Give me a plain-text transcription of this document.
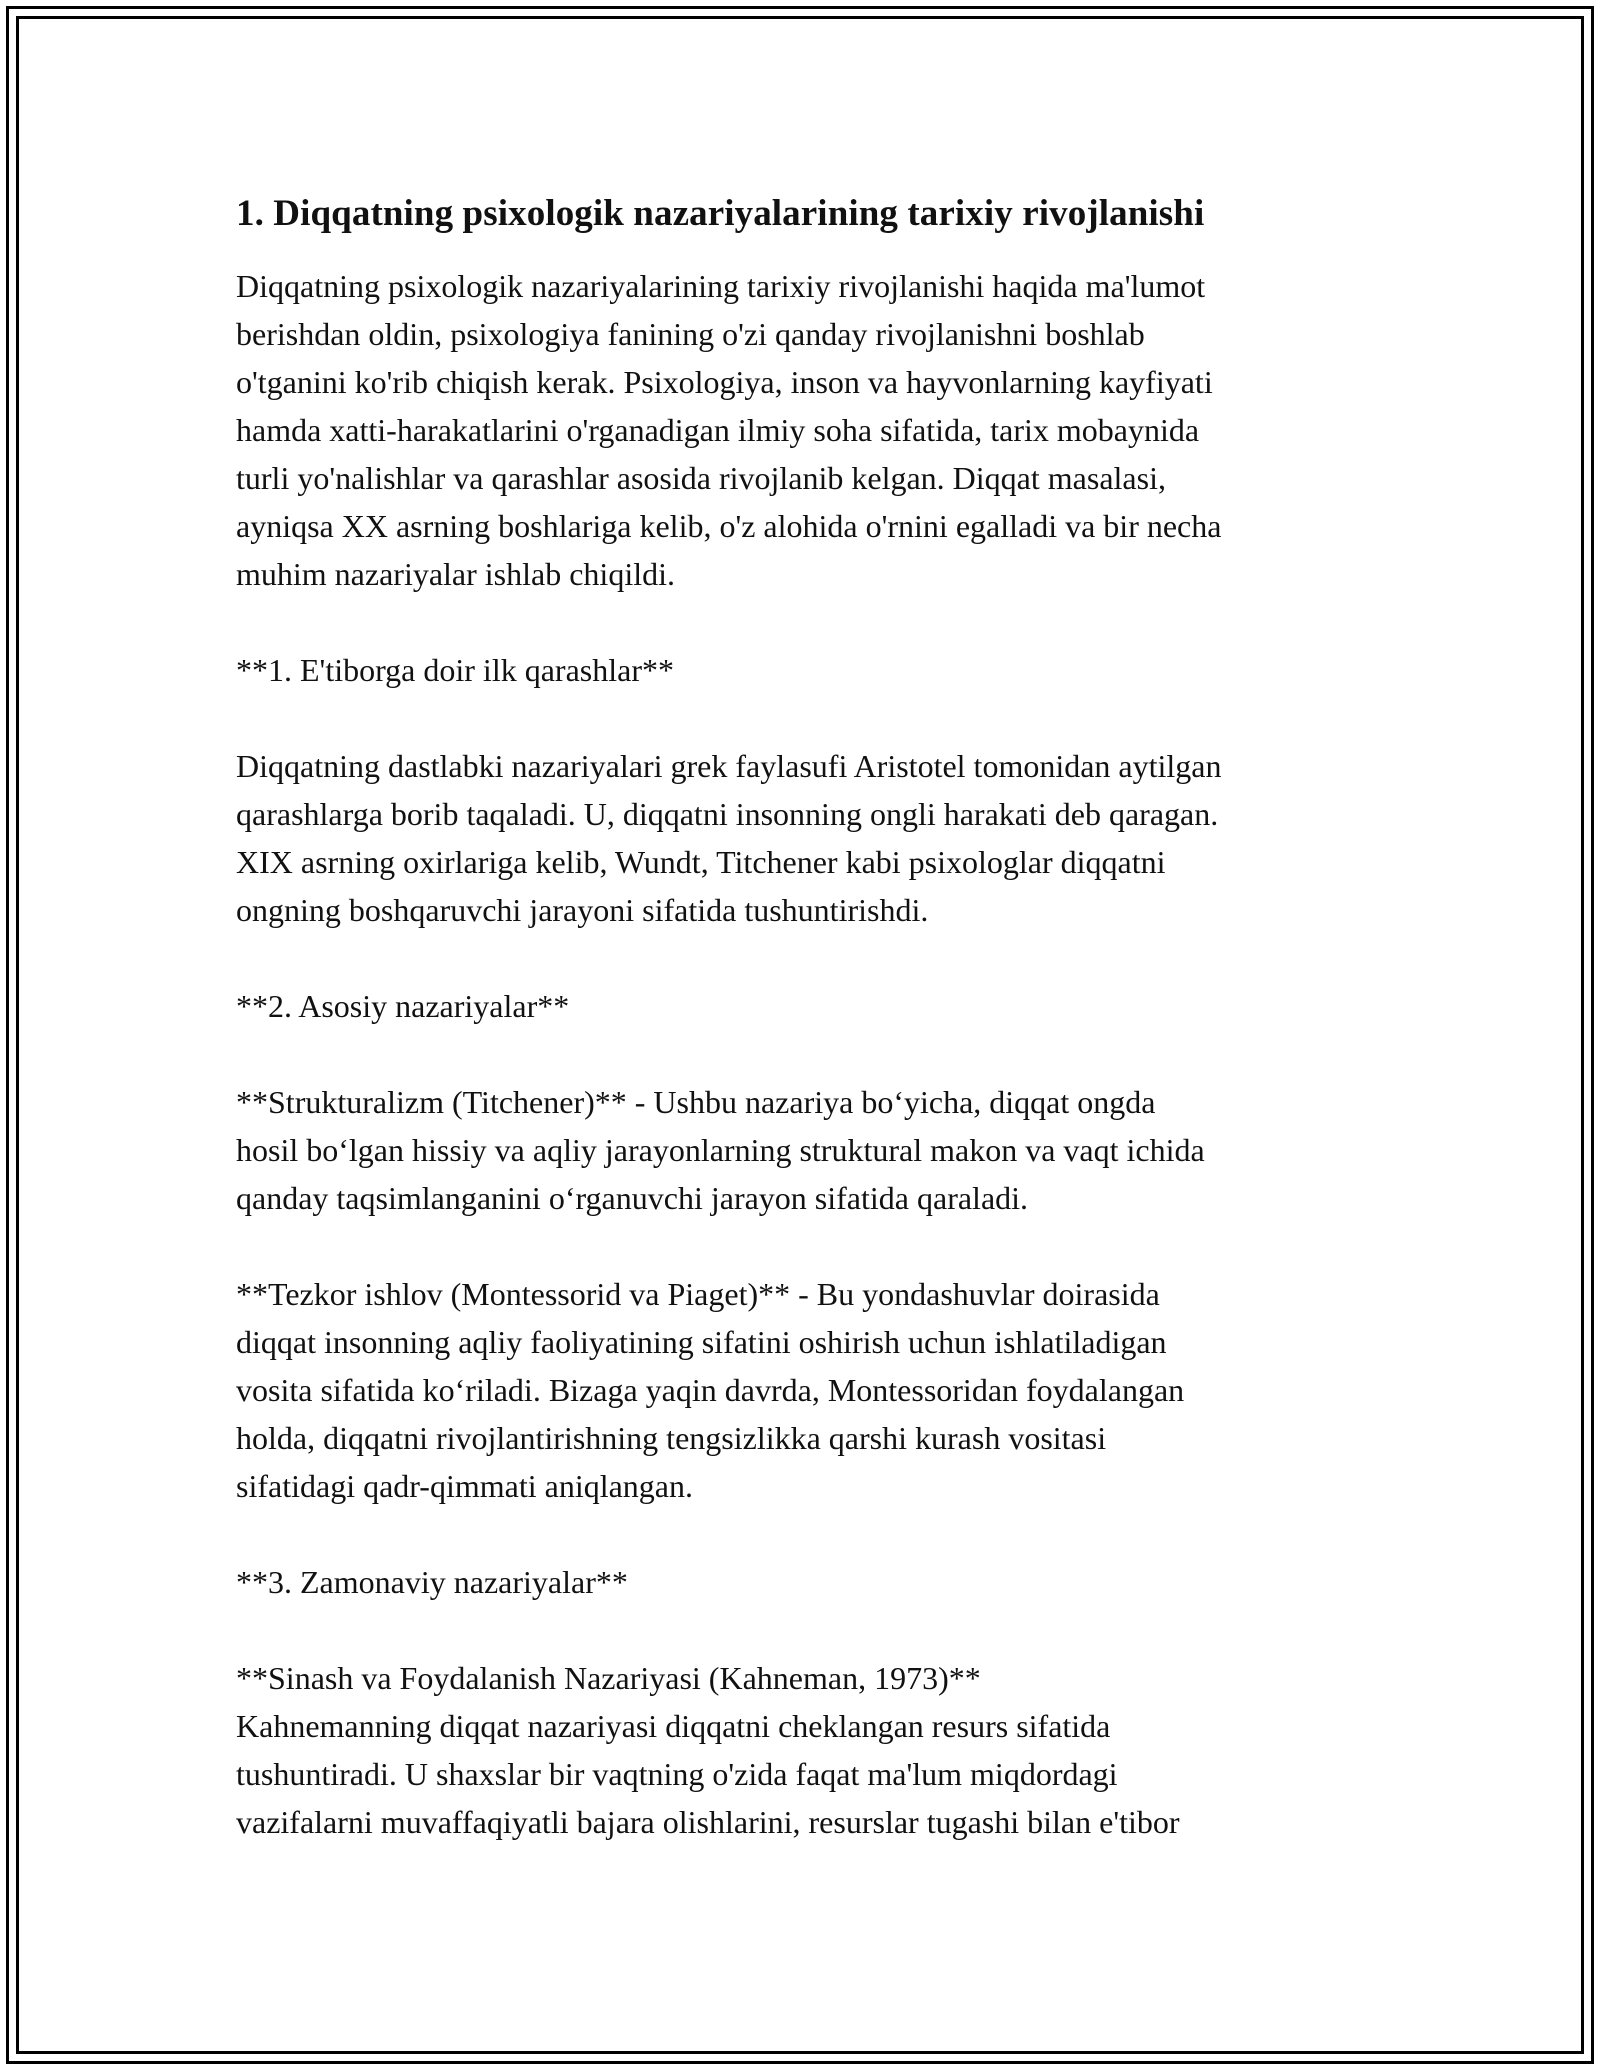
1. Diqqatning psixologik nazariyalarining tarixiy rivojlanishi

Diqqatning psixologik nazariyalarining tarixiy rivojlanishi haqida ma'lumot
berishdan oldin, psixologiya fanining o'zi qanday rivojlanishni boshlab
o'tganini ko'rib chiqish kerak. Psixologiya, inson va hayvonlarning kayfiyati
hamda xatti-harakatlarini o'rganadigan ilmiy soha sifatida, tarix mobaynida
turli yo'nalishlar va qarashlar asosida rivojlanib kelgan. Diqqat masalasi,
ayniqsa XX asrning boshlariga kelib, o'z alohida o'rnini egalladi va bir necha
muhim nazariyalar ishlab chiqildi.

**1. E'tiborga doir ilk qarashlar**

Diqqatning dastlabki nazariyalari grek faylasufi Aristotel tomonidan aytilgan
qarashlarga borib taqaladi. U, diqqatni insonning ongli harakati deb qaragan.
XIX asrning oxirlariga kelib, Wundt, Titchener kabi psixologlar diqqatni
ongning boshqaruvchi jarayoni sifatida tushuntirishdi.

**2. Asosiy nazariyalar**

**Strukturalizm (Titchener)** - Ushbu nazariya bo‘yicha, diqqat ongda
hosil bo‘lgan hissiy va aqliy jarayonlarning struktural makon va vaqt ichida
qanday taqsimlanganini o‘rganuvchi jarayon sifatida qaraladi.

**Tezkor ishlov (Montessorid va Piaget)** - Bu yondashuvlar doirasida
diqqat insonning aqliy faoliyatining sifatini oshirish uchun ishlatiladigan
vosita sifatida ko‘riladi. Bizaga yaqin davrda, Montessoridan foydalangan
holda, diqqatni rivojlantirishning tengsizlikka qarshi kurash vositasi
sifatidagi qadr-qimmati aniqlangan.

**3. Zamonaviy nazariyalar**

**Sinash va Foydalanish Nazariyasi (Kahneman, 1973)**
Kahnemanning diqqat nazariyasi diqqatni cheklangan resurs sifatida
tushuntiradi. U shaxslar bir vaqtning o'zida faqat ma'lum miqdordagi
vazifalarni muvaffaqiyatli bajara olishlarini, resurslar tugashi bilan e'tibor
